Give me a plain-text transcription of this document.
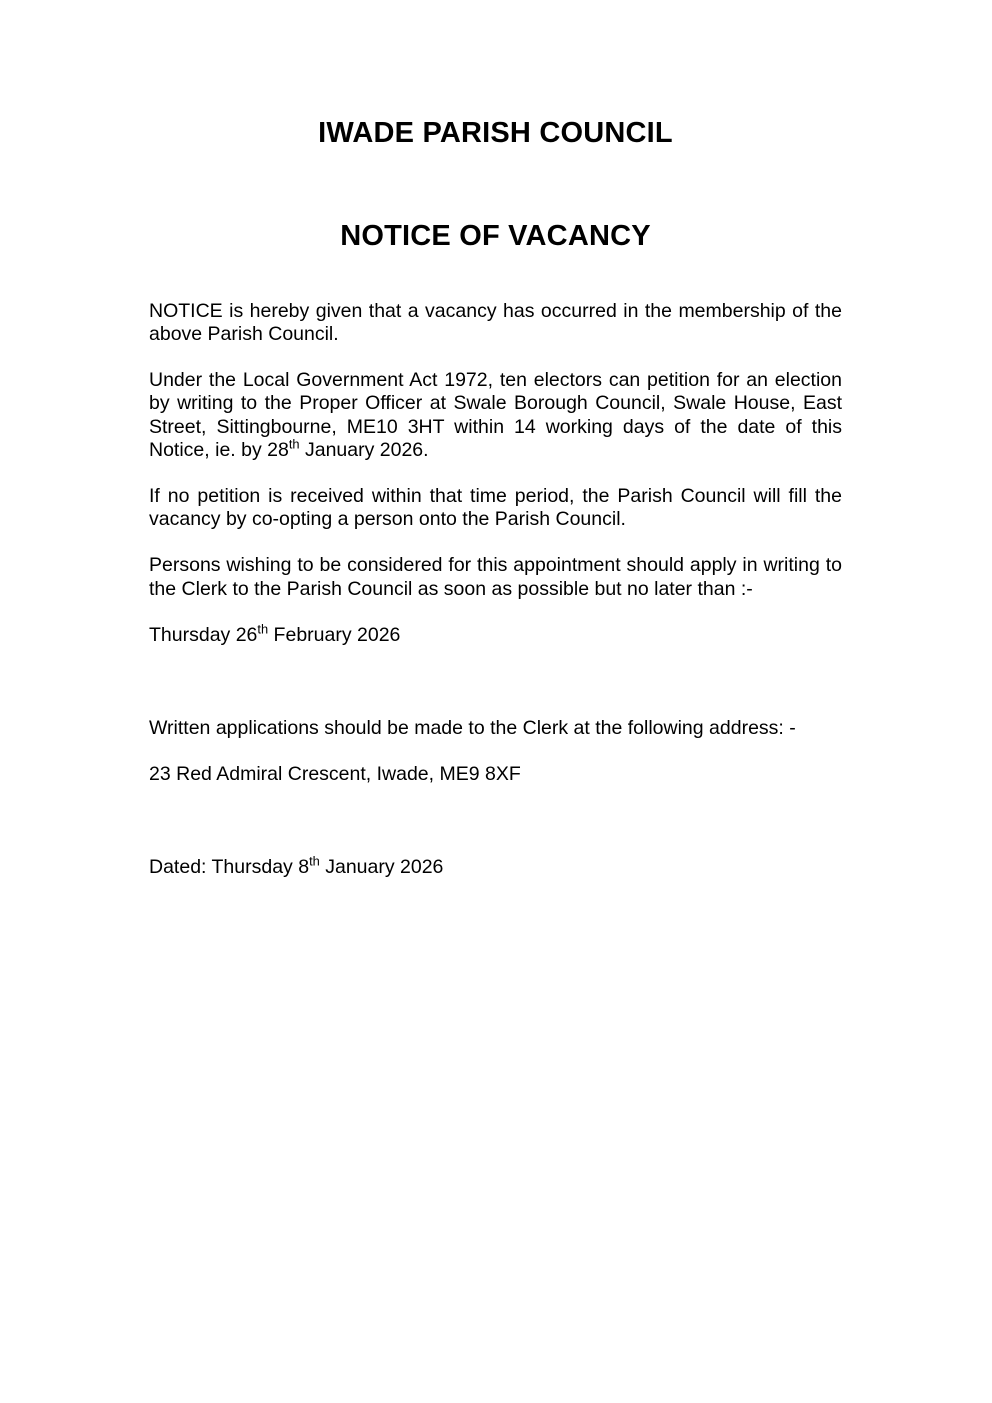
IWADE PARISH COUNCIL
NOTICE OF VACANCY

NOTICE is hereby given that a vacancy has occurred in the membership of the above Parish Council.

Under the Local Government Act 1972, ten electors can petition for an election by writing to the Proper Officer at Swale Borough Council, Swale House, East Street, Sittingbourne, ME10 3HT within 14 working days of the date of this Notice, ie. by 28th January 2026.

If no petition is received within that time period, the Parish Council will fill the vacancy by co-opting a person onto the Parish Council.

Persons wishing to be considered for this appointment should apply in writing to the Clerk to the Parish Council as soon as possible but no later than :-

Thursday 26th February 2026

Written applications should be made to the Clerk at the following address: -

23 Red Admiral Crescent, Iwade, ME9 8XF

Dated: Thursday 8th January 2026
